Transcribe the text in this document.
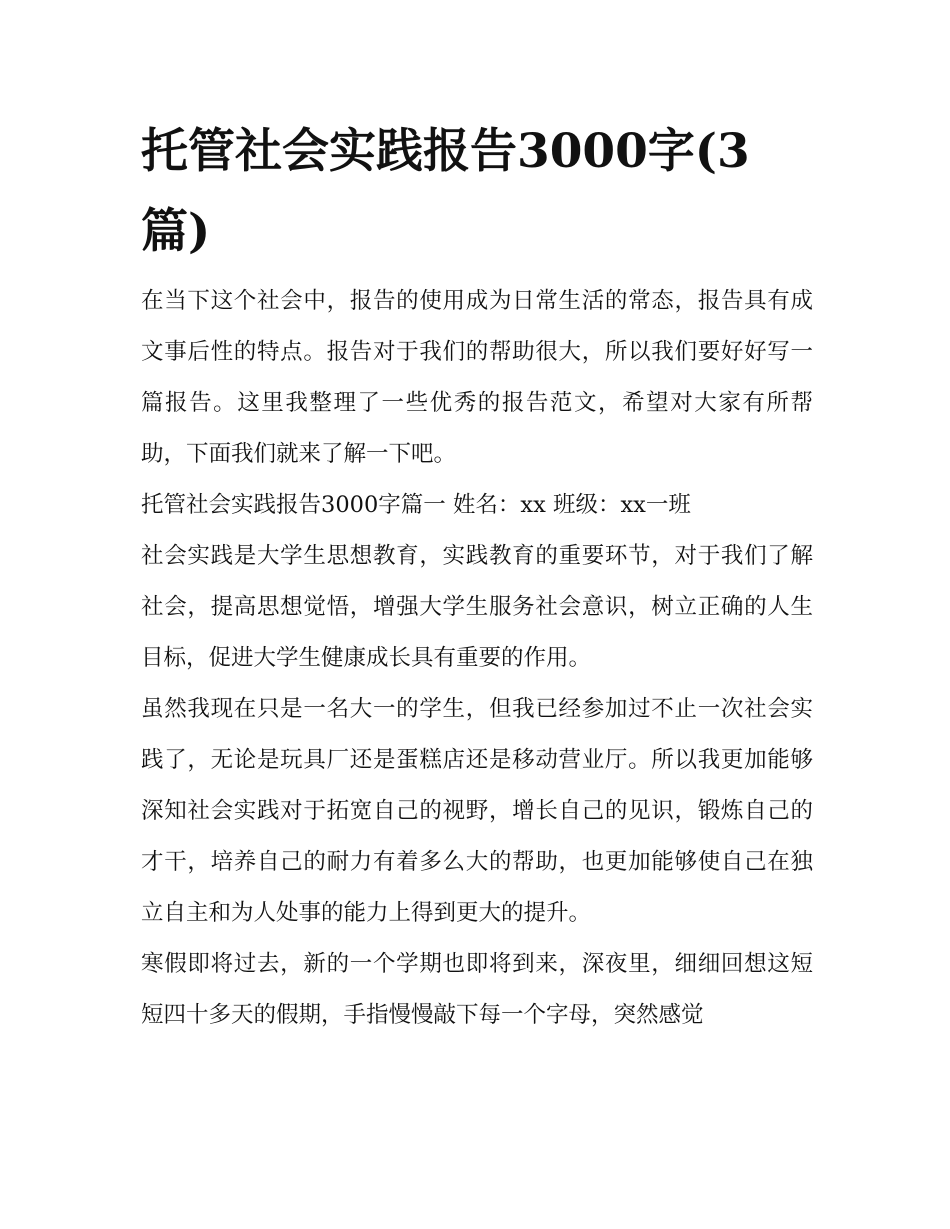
托管社会实践报告3000字(3篇)

在当下这个社会中，报告的使用成为日常生活的常态，报告具有成文事后性的特点。报告对于我们的帮助很大，所以我们要好好写一篇报告。这里我整理了一些优秀的报告范文，希望对大家有所帮助，下面我们就来了解一下吧。

托管社会实践报告3000字篇一 姓名：xx 班级：xx一班

社会实践是大学生思想教育，实践教育的重要环节，对于我们了解社会，提高思想觉悟，增强大学生服务社会意识，树立正确的人生目标，促进大学生健康成长具有重要的作用。

虽然我现在只是一名大一的学生，但我已经参加过不止一次社会实践了，无论是玩具厂还是蛋糕店还是移动营业厅。所以我更加能够深知社会实践对于拓宽自己的视野，增长自己的见识，锻炼自己的才干，培养自己的耐力有着多么大的帮助，也更加能够使自己在独立自主和为人处事的能力上得到更大的提升。

寒假即将过去，新的一个学期也即将到来，深夜里，细细回想这短短四十多天的假期，手指慢慢敲下每一个字母，突然感觉
